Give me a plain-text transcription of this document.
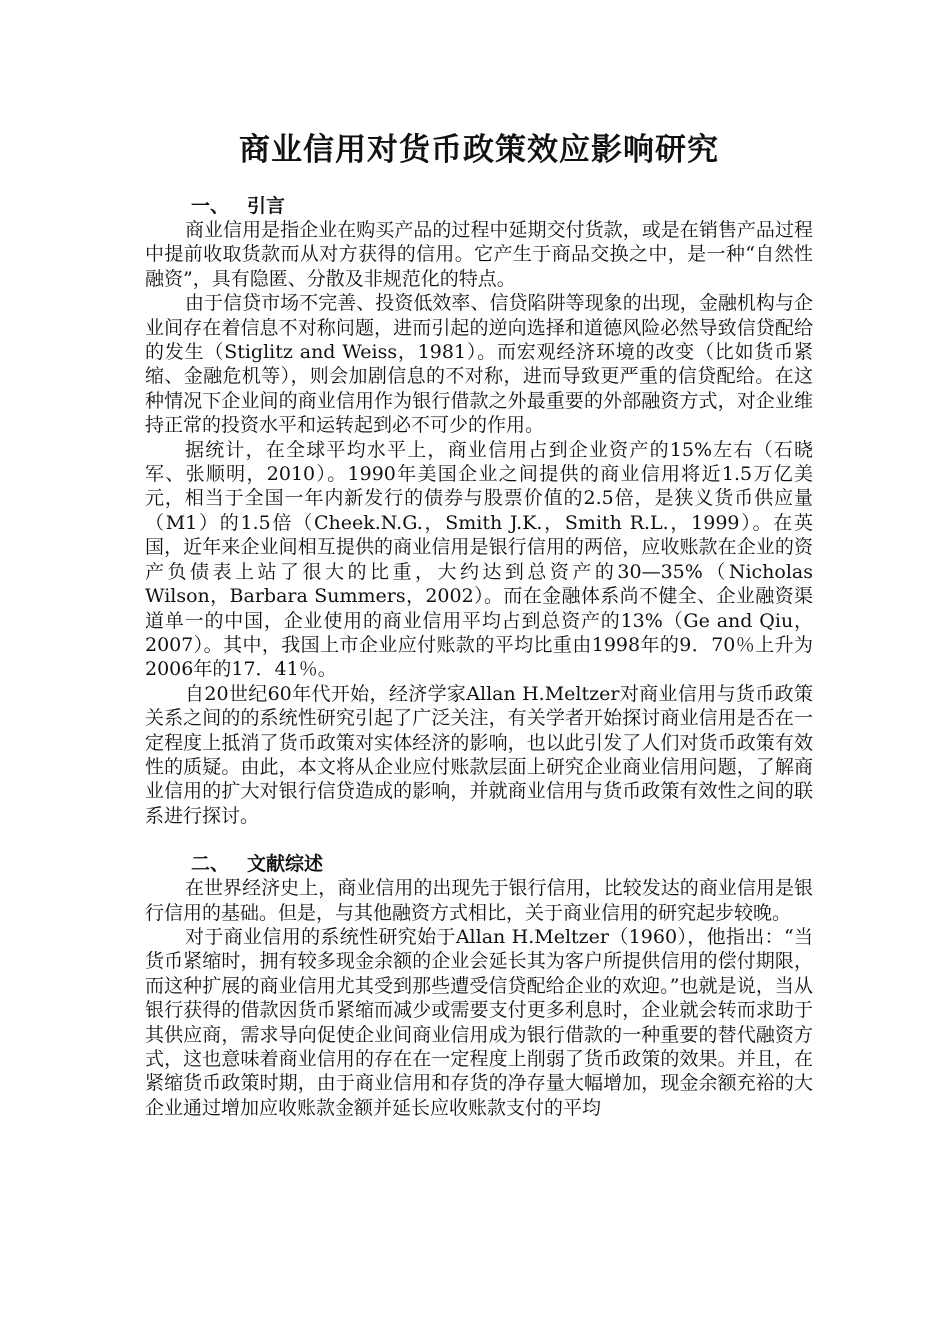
商业信用对货币政策效应影响研究
一、 引言

商业信用是指企业在购买产品的过程中延期交付货款，或是在销售产品过程中提前收取货款而从对方获得的信用。它产生于商品交换之中，是一种“自然性融资”，具有隐匿、分散及非规范化的特点。

由于信贷市场不完善、投资低效率、信贷陷阱等现象的出现，金融机构与企业间存在着信息不对称问题，进而引起的逆向选择和道德风险必然导致信贷配给的发生（Stiglitz and Weiss，1981）。而宏观经济环境的改变（比如货币紧缩、金融危机等），则会加剧信息的不对称，进而导致更严重的信贷配给。在这种情况下企业间的商业信用作为银行借款之外最重要的外部融资方式，对企业维持正常的投资水平和运转起到必不可少的作用。

据统计，在全球平均水平上，商业信用占到企业资产的15%左右（石晓军、张顺明，2010）。1990年美国企业之间提供的商业信用将近1.5万亿美元，相当于全国一年内新发行的债券与股票价值的2.5倍，是狭义货币供应量（M1）的1.5倍（Cheek.N.G.，Smith J.K.，Smith R.L.，1999）。在英国，近年来企业间相互提供的商业信用是银行信用的两倍，应收账款在企业的资产负债表上站了很大的比重，大约达到总资产的30—35%（Nicholas Wilson，Barbara Summers，2002）。而在金融体系尚不健全、企业融资渠道单一的中国，企业使用的商业信用平均占到总资产的13%（Ge and Qiu，2007）。其中，我国上市企业应付账款的平均比重由1998年的9．70％上升为2006年的17．41％。

自20世纪60年代开始，经济学家Allan H.Meltzer对商业信用与货币政策关系之间的的系统性研究引起了广泛关注，有关学者开始探讨商业信用是否在一定程度上抵消了货币政策对实体经济的影响，也以此引发了人们对货币政策有效性的质疑。由此，本文将从企业应付账款层面上研究企业商业信用问题，了解商业信用的扩大对银行信贷造成的影响，并就商业信用与货币政策有效性之间的联系进行探讨。

二、 文献综述

在世界经济史上，商业信用的出现先于银行信用，比较发达的商业信用是银行信用的基础。但是，与其他融资方式相比，关于商业信用的研究起步较晚。

对于商业信用的系统性研究始于Allan H.Meltzer（1960），他指出：“当货币紧缩时，拥有较多现金余额的企业会延长其为客户所提供信用的偿付期限，而这种扩展的商业信用尤其受到那些遭受信贷配给企业的欢迎。”也就是说，当从银行获得的借款因货币紧缩而减少或需要支付更多利息时，企业就会转而求助于其供应商，需求导向促使企业间商业信用成为银行借款的一种重要的替代融资方式，这也意味着商业信用的存在在一定程度上削弱了货币政策的效果。并且，在紧缩货币政策时期，由于商业信用和存货的净存量大幅增加，现金余额充裕的大企业通过增加应收账款金额并延长应收账款支付的平均
